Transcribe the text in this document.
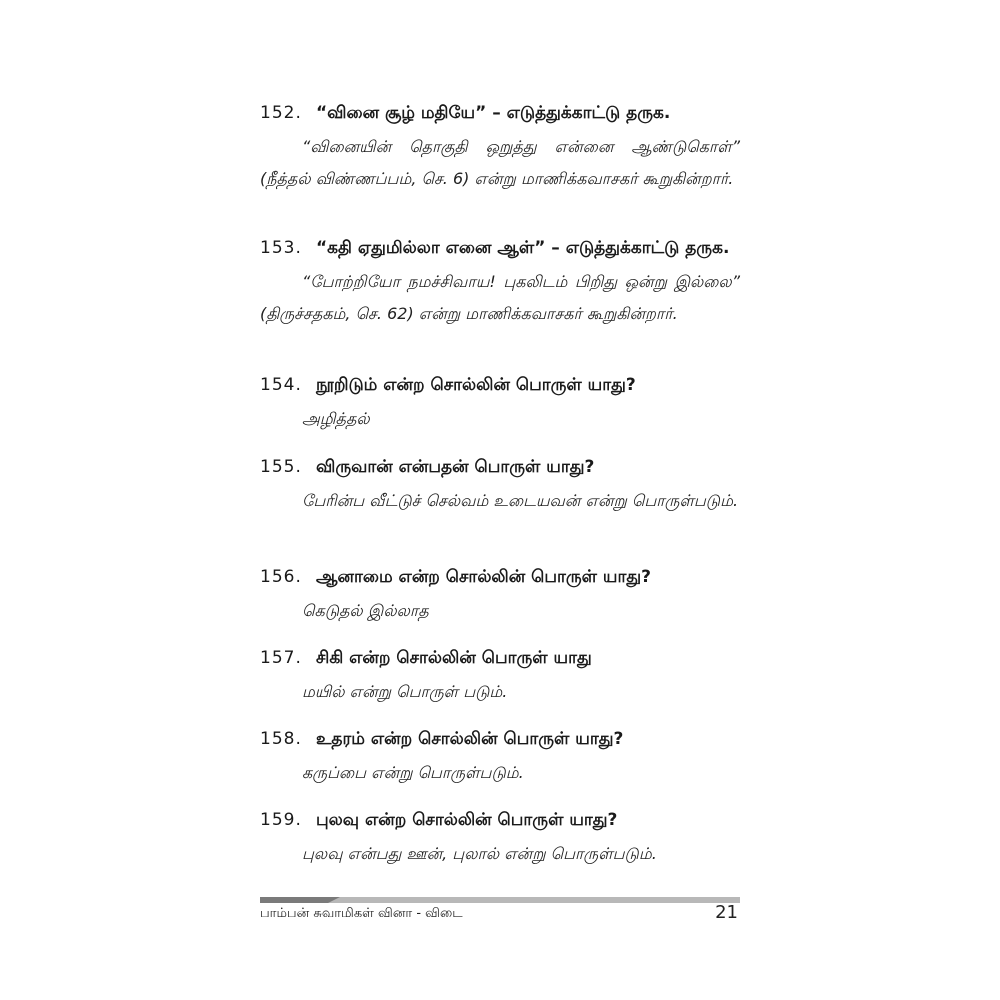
152. “வினை சூழ் மதியே” – எடுத்துக்காட்டு தருக.
“வினையின் தொகுதி ஒறுத்து என்னை ஆண்டுகொள்” (நீத்தல் விண்ணப்பம், செ. 6) என்று மாணிக்கவாசகர் கூறுகின்றார்.
153. “கதி ஏதுமில்லா எனை ஆள்” – எடுத்துக்காட்டு தருக.
“போற்றியோ நமச்சிவாய! புகலிடம் பிறிது ஒன்று இல்லை” (திருச்சதகம், செ. 62) என்று மாணிக்கவாசகர் கூறுகின்றார்.
154. நூறிடும் என்ற சொல்லின் பொருள் யாது?
அழித்தல்
155. விருவான் என்பதன் பொருள் யாது?
பேரின்ப வீட்டுச் செல்வம் உடையவன் என்று பொருள்படும்.
156. ஆனாமை என்ற சொல்லின் பொருள் யாது?
கெடுதல் இல்லாத
157. சிகி என்ற சொல்லின் பொருள் யாது
மயில் என்று பொருள் படும்.
158. உதரம் என்ற சொல்லின் பொருள் யாது?
கருப்பை என்று பொருள்படும்.
159. புலவு என்ற சொல்லின் பொருள் யாது?
புலவு என்பது ஊன், புலால் என்று பொருள்படும்.
பாம்பன் சுவாமிகள் வினா - விடை	21
